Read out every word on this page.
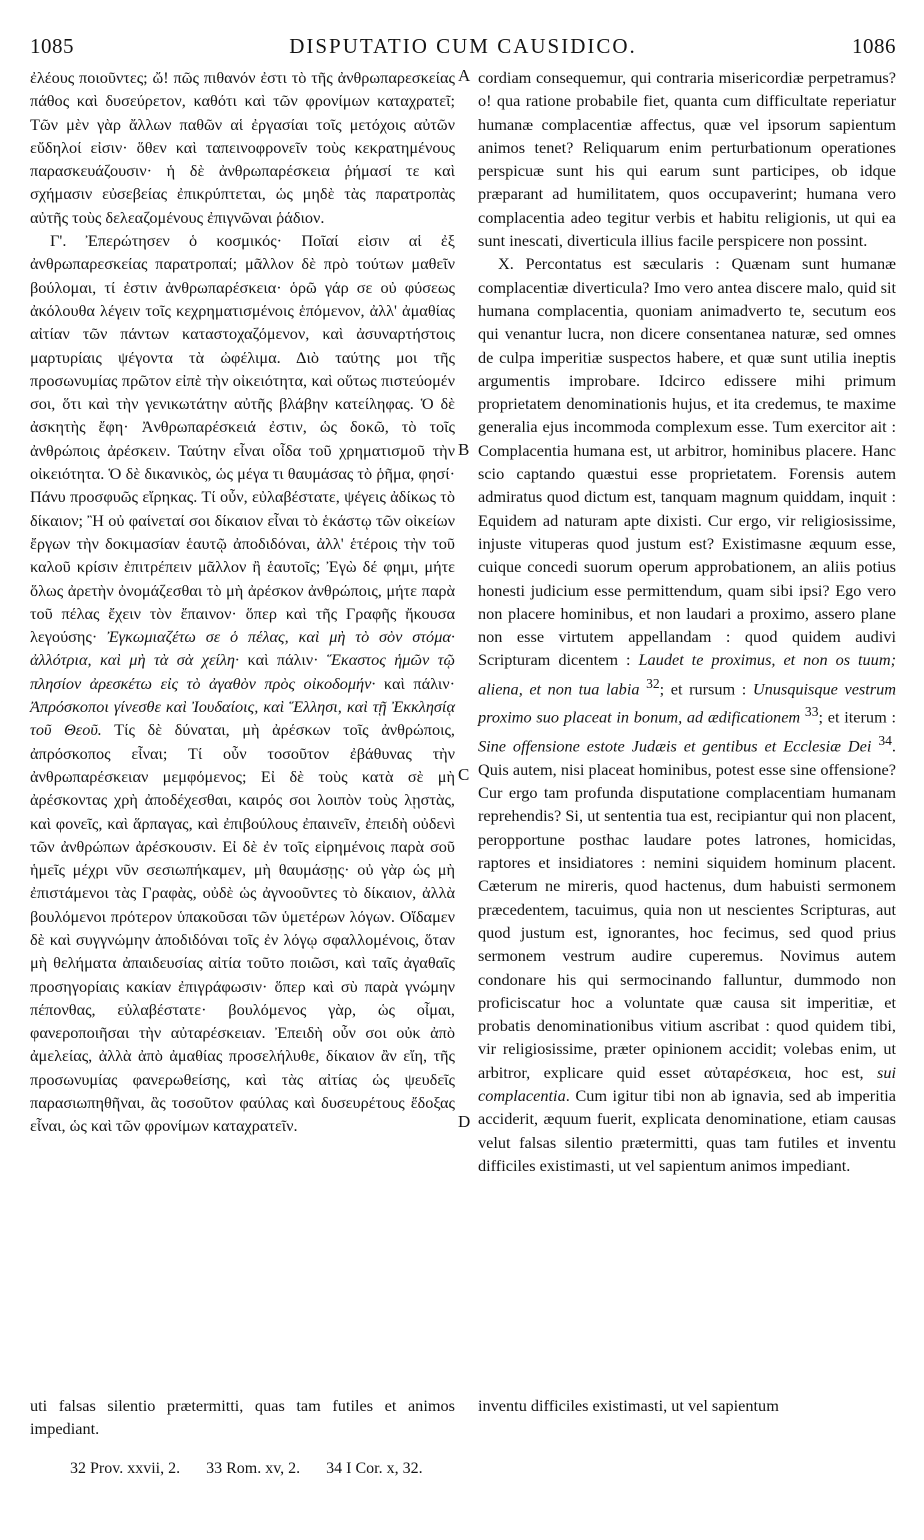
1085	DISPUTATIO CUM CAUSIDICO.	1086

ἐλέους ποιοῦντες; ὤ! πῶς πιθανόν ἐστι τὸ τῆς ἀνθρωπαρεσκείας πάθος καὶ δυσεύρετον, καθότι καὶ τῶν φρονίμων καταχρατεῖ; Τῶν μὲν γὰρ ἄλλων παθῶν αἱ ἐργασίαι τοῖς μετόχοις αὐτῶν εὔδηλοί εἰσιν· ὅθεν καὶ ταπεινοφρονεῖν τοὺς κεκρατημένους παρασκευάζουσιν· ἡ δὲ ἀνθρωπαρέσκεια ῥήμασί τε καὶ σχήμασιν εὐσεβείας ἐπικρύπτεται, ὡς μηδὲ τὰς παρατροπὰς αὐτῆς τοὺς δελεαζομένους ἐπιγνῶναι ῥάδιον.

Γ'. Ἐπερώτησεν ὁ κοσμικός· Ποῖαί εἰσιν αἱ ἐξ ἀνθρωπαρεσκείας παρατροπαί; μᾶλλον δὲ πρὸ τούτων μαθεῖν βούλομαι, τί ἐστιν ἀνθρωπαρέσκεια· ὁρῶ γάρ σε οὐ φύσεως ἀκόλουθα λέγειν τοῖς κεχρηματισμένοις ἑπόμενον, ἀλλ' ἀμαθίας αἰτίαν τῶν πάντων καταστοχαζόμενον, καὶ ἀσυναρτήστοις μαρτυρίαις ψέγοντα τὰ ὠφέλιμα. Διὸ ταύτης μοι τῆς προσωνυμίας πρῶτον εἰπὲ τὴν οἰκειότητα, καὶ οὕτως πιστεύομέν σοι, ὅτι καὶ τὴν γενικωτάτην αὐτῆς βλάβην κατείληφας. Ὁ δὲ ἀσκητὴς ἔφη· Ἀνθρωπαρέσκειά ἐστιν, ὡς δοκῶ, τὸ τοῖς ἀνθρώποις ἀρέσκειν. Ταύτην εἶναι οἶδα τοῦ χρηματισμοῦ τὴν οἰκειότητα. Ὁ δὲ δικανικὸς, ὡς μέγα τι θαυμάσας τὸ ῥῆμα, φησί· Πάνυ προσφυῶς εἴρηκας. Τί οὖν, εὐλαβέστατε, ψέγεις ἀδίκως τὸ δίκαιον; Ἢ οὐ φαίνεταί σοι δίκαιον εἶναι τὸ ἑκάστῳ τῶν οἰκείων ἔργων τὴν δοκιμασίαν ἑαυτῷ ἀποδιδόναι, ἀλλ' ἑτέροις τὴν τοῦ καλοῦ κρίσιν ἐπιτρέπειν μᾶλλον ἢ ἑαυτοῖς; Ἐγὼ δέ φημι, μήτε ὅλως ἀρετὴν ὀνομάζεσθαι τὸ μὴ ἀρέσκον ἀνθρώποις, μήτε παρὰ τοῦ πέλας ἔχειν τὸν ἔπαινον· ὅπερ καὶ τῆς Γραφῆς ἤκουσα λεγούσης· Ἐγκωμιαζέτω σε ὁ πέλας, καὶ μὴ τὸ σὸν στόμα· ἀλλότρια, καὶ μὴ τὰ σὰ χείλη· καὶ πάλιν· Ἕκαστος ἡμῶν τῷ πλησίον ἀρεσκέτω εἰς τὸ ἀγαθὸν πρὸς οἰκοδομήν· καὶ πάλιν· Ἀπρόσκοποι γίνεσθε καὶ Ἰουδαίοις, καὶ Ἕλλησι, καὶ τῇ Ἐκκλησίᾳ τοῦ Θεοῦ. Τίς δὲ δύναται, μὴ ἀρέσκων τοῖς ἀνθρώποις, ἀπρόσκοπος εἶναι; Τί οὖν τοσοῦτον ἐβάθυνας τὴν ἀνθρωπαρέσκειαν μεμφόμενος; Εἰ δὲ τοὺς κατὰ σὲ μὴ ἀρέσκοντας χρὴ ἀποδέχεσθαι, καιρός σοι λοιπὸν τοὺς λῃστὰς, καὶ φονεῖς, καὶ ἅρπαγας, καὶ ἐπιβούλους ἐπαινεῖν, ἐπειδὴ οὐδενὶ τῶν ἀνθρώπων ἀρέσκουσιν. Εἰ δὲ ἐν τοῖς εἰρημένοις παρὰ σοῦ ἡμεῖς μέχρι νῦν σεσιωπήκαμεν, μὴ θαυμάσῃς· οὐ γὰρ ὡς μὴ ἐπιστάμενοι τὰς Γραφὰς, οὐδὲ ὡς ἀγνοοῦντες τὸ δίκαιον, ἀλλὰ βουλόμενοι πρότερον ὑπακοῦσαι τῶν ὑμετέρων λόγων. Οἴδαμεν δὲ καὶ συγγνώμην ἀποδιδόναι τοῖς ἐν λόγῳ σφαλλομένοις, ὅταν μὴ θελήματα ἀπαιδευσίας αἰτία τοῦτο ποιῶσι, καὶ ταῖς ἀγαθαῖς προσηγορίαις κακίαν ἐπιγράφωσιν· ὅπερ καὶ σὺ παρὰ γνώμην πέπονθας, εὐλαβέστατε· βουλόμενος γὰρ, ὡς οἶμαι, φανεροποιῆσαι τὴν αὐταρέσκειαν. Ἐπειδὴ οὖν σοι οὐκ ἀπὸ ἀμελείας, ἀλλὰ ἀπὸ ἀμαθίας προσελήλυθε, δίκαιον ἂν εἴη, τῆς προσωνυμίας φανερωθείσης, καὶ τὰς αἰτίας ὡς ψευδεῖς παρασιωπηθῆναι, ἃς τοσοῦτον φαύλας καὶ δυσευρέτους ἔδοξας εἶναι, ὡς καὶ τῶν φρονίμων καταχρατεῖν.

A
B
C
D

cordiam consequemur, qui contraria misericordiæ perpetramus? o! qua ratione probabile fiet, quanta cum difficultate reperiatur humanæ complacentiæ affectus, quæ vel ipsorum sapientum animos tenet? Reliquarum enim perturbationum operationes perspicuæ sunt his qui earum sunt participes, ob idque præparant ad humilitatem, quos occupaverint; humana vero complacentia adeo tegitur verbis et habitu religionis, ut qui ea sunt inescati, diverticula illius facile perspicere non possint.

X. Percontatus est sæcularis : Quænam sunt humanæ complacentiæ diverticula? Imo vero antea discere malo, quid sit humana complacentia, quoniam animadverto te, secutum eos qui venantur lucra, non dicere consentanea naturæ, sed omnes de culpa imperitiæ suspectos habere, et quæ sunt utilia ineptis argumentis improbare. Idcirco edissere mihi primum proprietatem denominationis hujus, et ita credemus, te maxime generalia ejus incommoda complexum esse. Tum exercitor ait : Complacentia humana est, ut arbitror, hominibus placere. Hanc scio captando quæstui esse proprietatem. Forensis autem admiratus quod dictum est, tanquam magnum quiddam, inquit : Equidem ad naturam apte dixisti. Cur ergo, vir religiosissime, injuste vituperas quod justum est? Existimasne æquum esse, cuique concedi suorum operum approbationem, an aliis potius honesti judicium esse permittendum, quam sibi ipsi? Ego vero non placere hominibus, et non laudari a proximo, assero plane non esse virtutem appellandam : quod quidem audivi Scripturam dicentem : Laudet te proximus, et non os tuum; aliena, et non tua labia $^{32}$; et rursum : Unusquisque vestrum proximo suo placeat in bonum, ad ædificationem $^{33}$; et iterum : Sine offensione estote Judæis et gentibus et Ecclesiæ Dei $^{34}$. Quis autem, nisi placeat hominibus, potest esse sine offensione? Cur ergo tam profunda disputatione complacentiam humanam reprehendis? Si, ut sententia tua est, recipiantur qui non placent, peropportune posthac laudare potes latrones, homicidas, raptores et insidiatores : nemini siquidem hominum placent. Cæterum ne mireris, quod hactenus, dum habuisti sermonem præcedentem, tacuimus, quia non ut nescientes Scripturas, aut quod justum est, ignorantes, hoc fecimus, sed quod prius sermonem vestrum audire cuperemus. Novimus autem condonare his qui sermocinando falluntur, dummodo non proficiscatur hoc a voluntate quæ causa sit imperitiæ, et probatis denominationibus vitium ascribat : quod quidem tibi, vir religiosissime, præter opinionem accidit; volebas enim, ut arbitror, explicare quid esset αὐταρέσκεια, hoc est, sui complacentia. Cum igitur tibi non ab ignavia, sed ab imperitia acciderit, æquum fuerit, explicata denominatione, etiam causas velut falsas silentio prætermitti, quas tam futiles et inventu difficiles existimasti, ut vel sapientum animos impediant.

uti falsas silentio prætermitti, quas tam futiles et animos impediant.
inventu difficiles existimasti, ut vel sapientum
32 Prov. xxvii, 2. 33 Rom. xv, 2. 34 I Cor. x, 32.
